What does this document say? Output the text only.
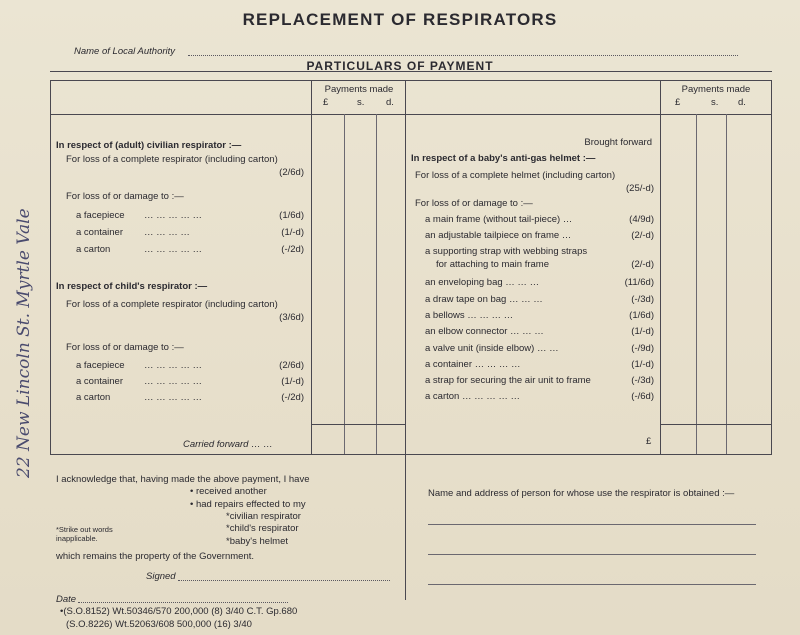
REPLACEMENT OF RESPIRATORS
Name of Local Authority
PARTICULARS OF PAYMENT
Payments made
£	s. d.
Payments made
£	s. d.
In respect of (adult) civilian respirator :—
For loss of a complete respirator (including carton)
(2/6d)
For loss of or damage to :—
a facepiece … … … … …	(1/6d)
a container … … … …	(1/-d)
a carton	… … … … …	(-/2d)
In respect of child's respirator :—
For loss of a complete respirator (including carton)
(3/6d)
For loss of or damage to :—
a facepiece … … … … …	(2/6d)
a container … … … … …	(1/-d)
a carton	… … … … …	(-/2d)
Carried forward … …
Brought forward
In respect of a baby's anti-gas helmet :—
For loss of a complete helmet (including carton)
(25/-d)
For loss of or damage to :—
a main frame (without tail-piece) …	(4/9d)
an adjustable tailpiece on frame …	(2/-d)
a supporting strap with webbing straps
for attaching to main frame	(2/-d)
an enveloping bag … … …	(11/6d)
a draw tape on bag … … …	(-/3d)
a bellows … … … …	(1/6d)
an elbow connector … … …	(1/-d)
a valve unit (inside elbow) … …	(-/9d)
a container … … … …	(1/-d)
a strap for securing the air unit to frame	(-/3d)
a carton … … … … …	(-/6d)
£
I acknowledge that, having made the above payment, I have
• received another
• had repairs effected to my
*civilian respirator
*child's respirator
*baby's helmet
*Strike out words inapplicable.
which remains the property of the Government.
Signed
Date
Name and address of person for whose use the respirator is obtained :—
•(S.O.8152) Wt.50346/570 200,000 (8) 3/40 C.T. Gp.680
(S.O.8226) Wt.52063/608 500,000 (16) 3/40
22 New Lincoln St. Myrtle Vale
